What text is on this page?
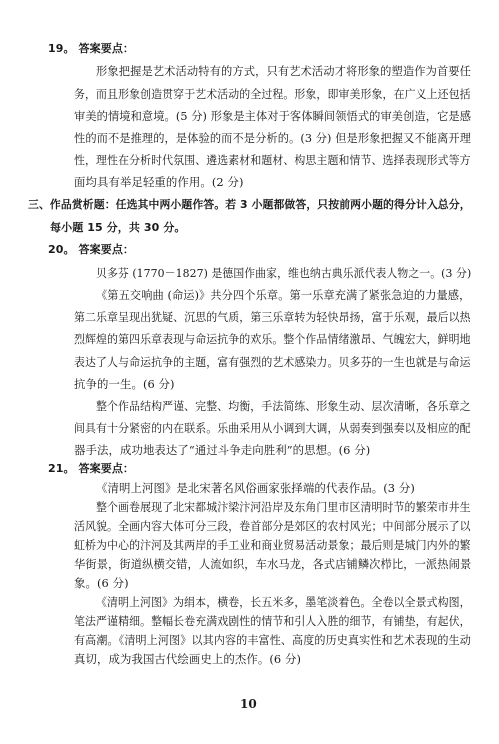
19。 答案要点：
形象把握是艺术活动特有的方式，只有艺术活动才将形象的塑造作为首要任
务，而且形象创造贯穿于艺术活动的全过程。形象，即审美形象，在广义上还包括
审美的情境和意境。(5 分) 形象是主体对于客体瞬间领悟式的审美创造，它是感
性的而不是推理的，是体验的而不是分析的。(3 分) 但是形象把握又不能离开理
性，理性在分析时代氛围、遴选素材和题材、构思主题和情节、选择表现形式等方
面均具有举足轻重的作用。(2 分)
三、作品赏析题：任选其中两小题作答。若 3 小题都做答，只按前两小题的得分计入总分，
每小题 15 分，共 30 分。
20。 答案要点：
贝多芬 (1770－1827) 是德国作曲家，维也纳古典乐派代表人物之一。(3 分)
《第五交响曲 (命运)》共分四个乐章。第一乐章充满了紧张急迫的力量感，
第二乐章呈现出犹疑、沉思的气质，第三乐章转为轻快昂扬，富于乐观，最后以热
烈辉煌的第四乐章表现与命运抗争的欢乐。整个作品情绪激昂、气魄宏大，鲜明地
表达了人与命运抗争的主题，富有强烈的艺术感染力。贝多芬的一生也就是与命运
抗争的一生。(6 分)
整个作品结构严谨、完整、均衡，手法简练、形象生动、层次清晰，各乐章之
间具有十分紧密的内在联系。乐曲采用从小调到大调，从弱奏到强奏以及相应的配
器手法，成功地表达了“通过斗争走向胜利”的思想。(6 分)
21。 答案要点：
《清明上河图》是北宋著名风俗画家张择端的代表作品。(3 分)
整个画卷展现了北宋都城汴梁汴河沿岸及东角门里市区清明时节的繁荣市井生
活风貌。全画内容大体可分三段，卷首部分是郊区的农村风光；中间部分展示了以
虹桥为中心的汴河及其两岸的手工业和商业贸易活动景象；最后则是城门内外的繁
华街景，街道纵横交错，人流如织，车水马龙，各式店铺鳞次栉比，一派热闹景
象。(6 分)
《清明上河图》为绢本，横卷，长五米多，墨笔淡着色。全卷以全景式构图，
笔法严谨精细。整幅长卷充满戏剧性的情节和引人入胜的细节，有铺垫，有起伏，
有高潮。《清明上河图》以其内容的丰富性、高度的历史真实性和艺术表现的生动
10
真切，成为我国古代绘画史上的杰作。(6 分)
